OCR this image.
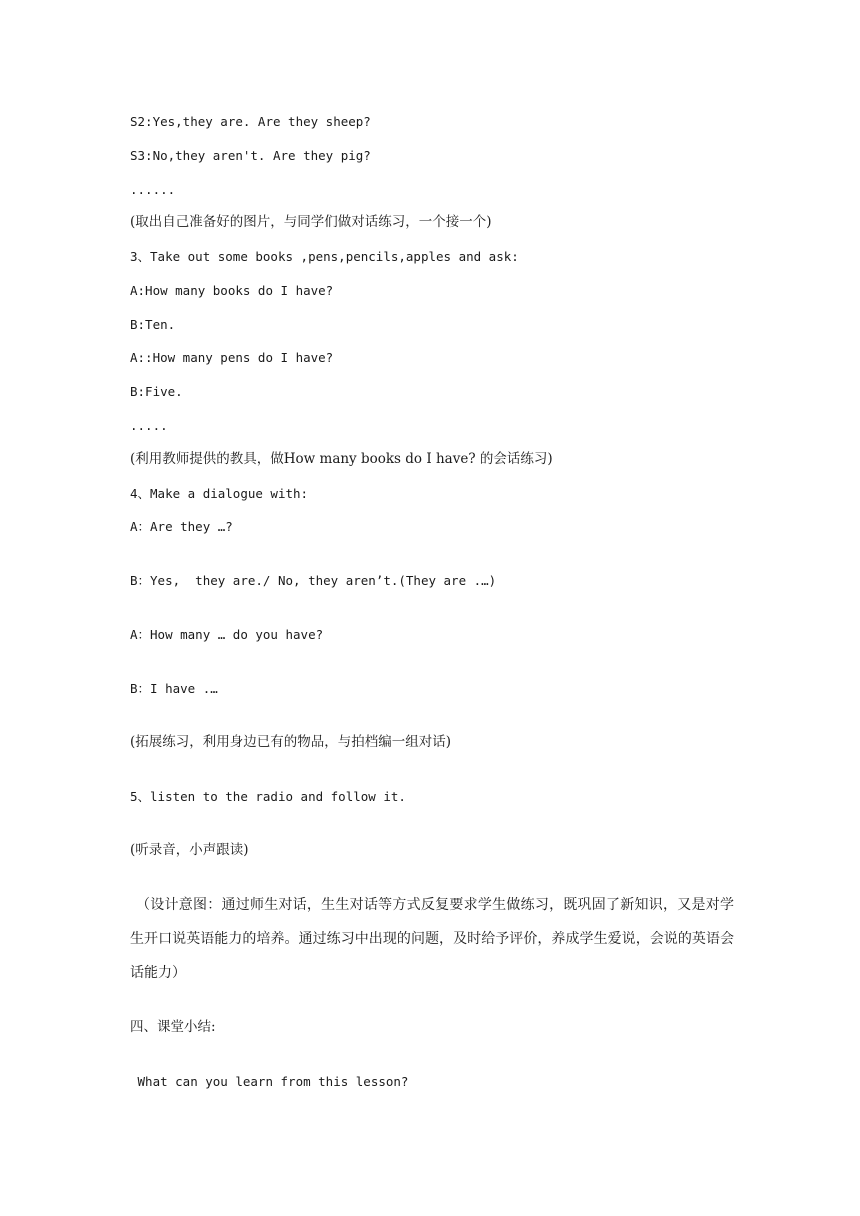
S2:Yes,they are. Are they sheep?
S3:No,they aren't. Are they pig?
......
(取出自己准备好的图片，与同学们做对话练习，一个接一个)
3、Take out some books ,pens,pencils,apples and ask:
A:How many books do I have?
B:Ten.
A::How many pens do I have?
B:Five.
.....
(利用教师提供的教具，做How many books do I have? 的会话练习)
4、Make a dialogue with:
A：Are they …?
B：Yes,  they are./ No, they aren’t.(They are .…)
A：How many … do you have?
B：I have .…
(拓展练习，利用身边已有的物品，与拍档编一组对话)
5、listen to the radio and follow it.
(听录音，小声跟读)
（设计意图：通过师生对话，生生对话等方式反复要求学生做练习，既巩固了新知识，又是对学生开口说英语能力的培养。通过练习中出现的问题，及时给予评价，养成学生爱说，会说的英语会话能力）
四、课堂小结:
What can you learn from this lesson?
